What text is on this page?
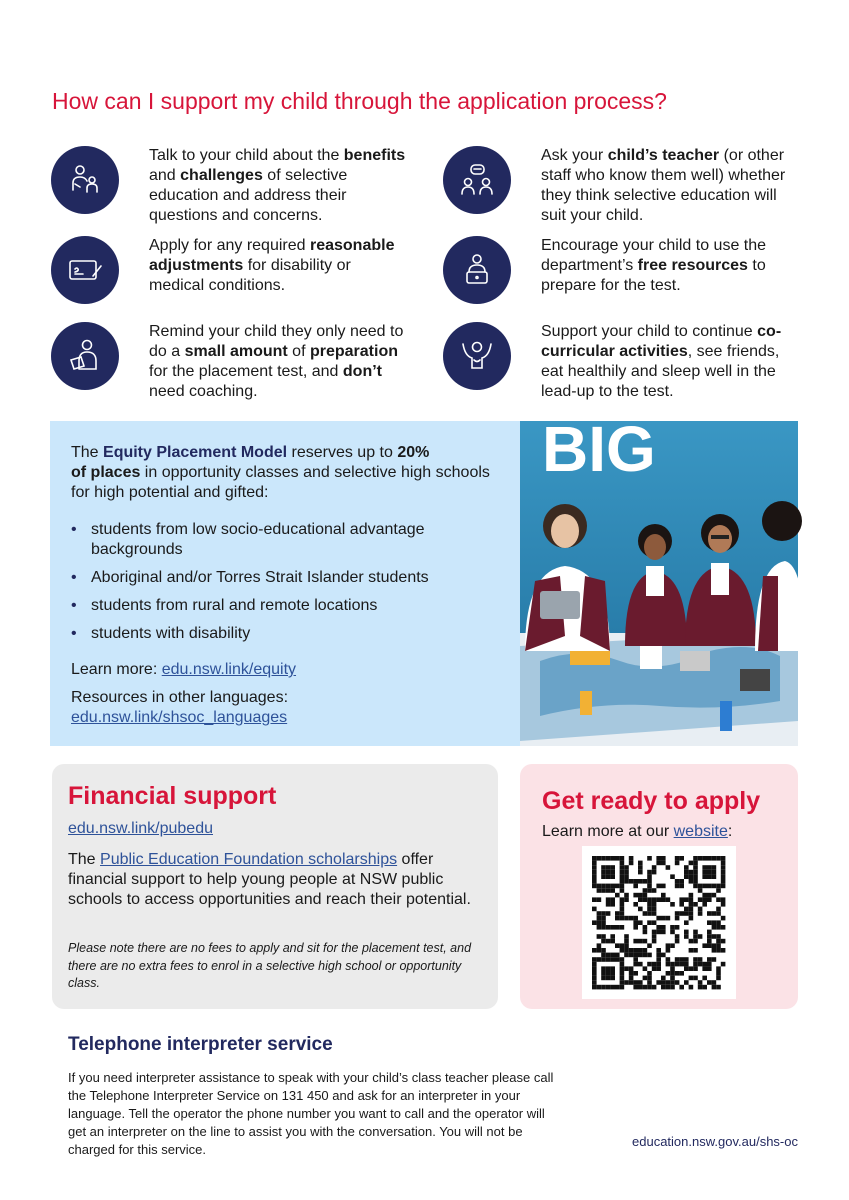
How can I support my child through the application process?
Talk to your child about the benefits and challenges of selective education and address their questions and concerns.
Ask your child’s teacher (or other staff who know them well) whether they think selective education will suit your child.
Apply for any required reasonable adjustments for disability or medical conditions.
Encourage your child to use the department’s free resources to prepare for the test.
Remind your child they only need to do a small amount of preparation for the placement test, and don’t need coaching.
Support your child to continue co-curricular activities, see friends, eat healthily and sleep well in the lead-up to the test.

The Equity Placement Model reserves up to 20%
of places in opportunity classes and selective high schools for high potential and gifted:

• students from low socio-educational advantage backgrounds
• Aboriginal and/or Torres Strait Islander students
• students from rural and remote locations
• students with disability

Learn more: edu.nsw.link/equity

Resources in other languages:
edu.nsw.link/shsoc_languages

BIG
SPA
Financial support

edu.nsw.link/pubedu

The Public Education Foundation scholarships offer financial support to help young people at NSW public schools to access opportunities and reach their potential.

Please note there are no fees to apply and sit for the placement test, and there are no extra fees to enrol in a selective high school or opportunity class.

Get ready to apply

Learn more at our website:

Telephone interpreter service

If you need interpreter assistance to speak with your child’s class teacher please call the Telephone Interpreter Service on 131 450 and ask for an interpreter in your language. Tell the operator the phone number you want to call and the operator will get an interpreter on the line to assist you with the conversation. You will not be charged for this service.

education.nsw.gov.au/shs-oc
